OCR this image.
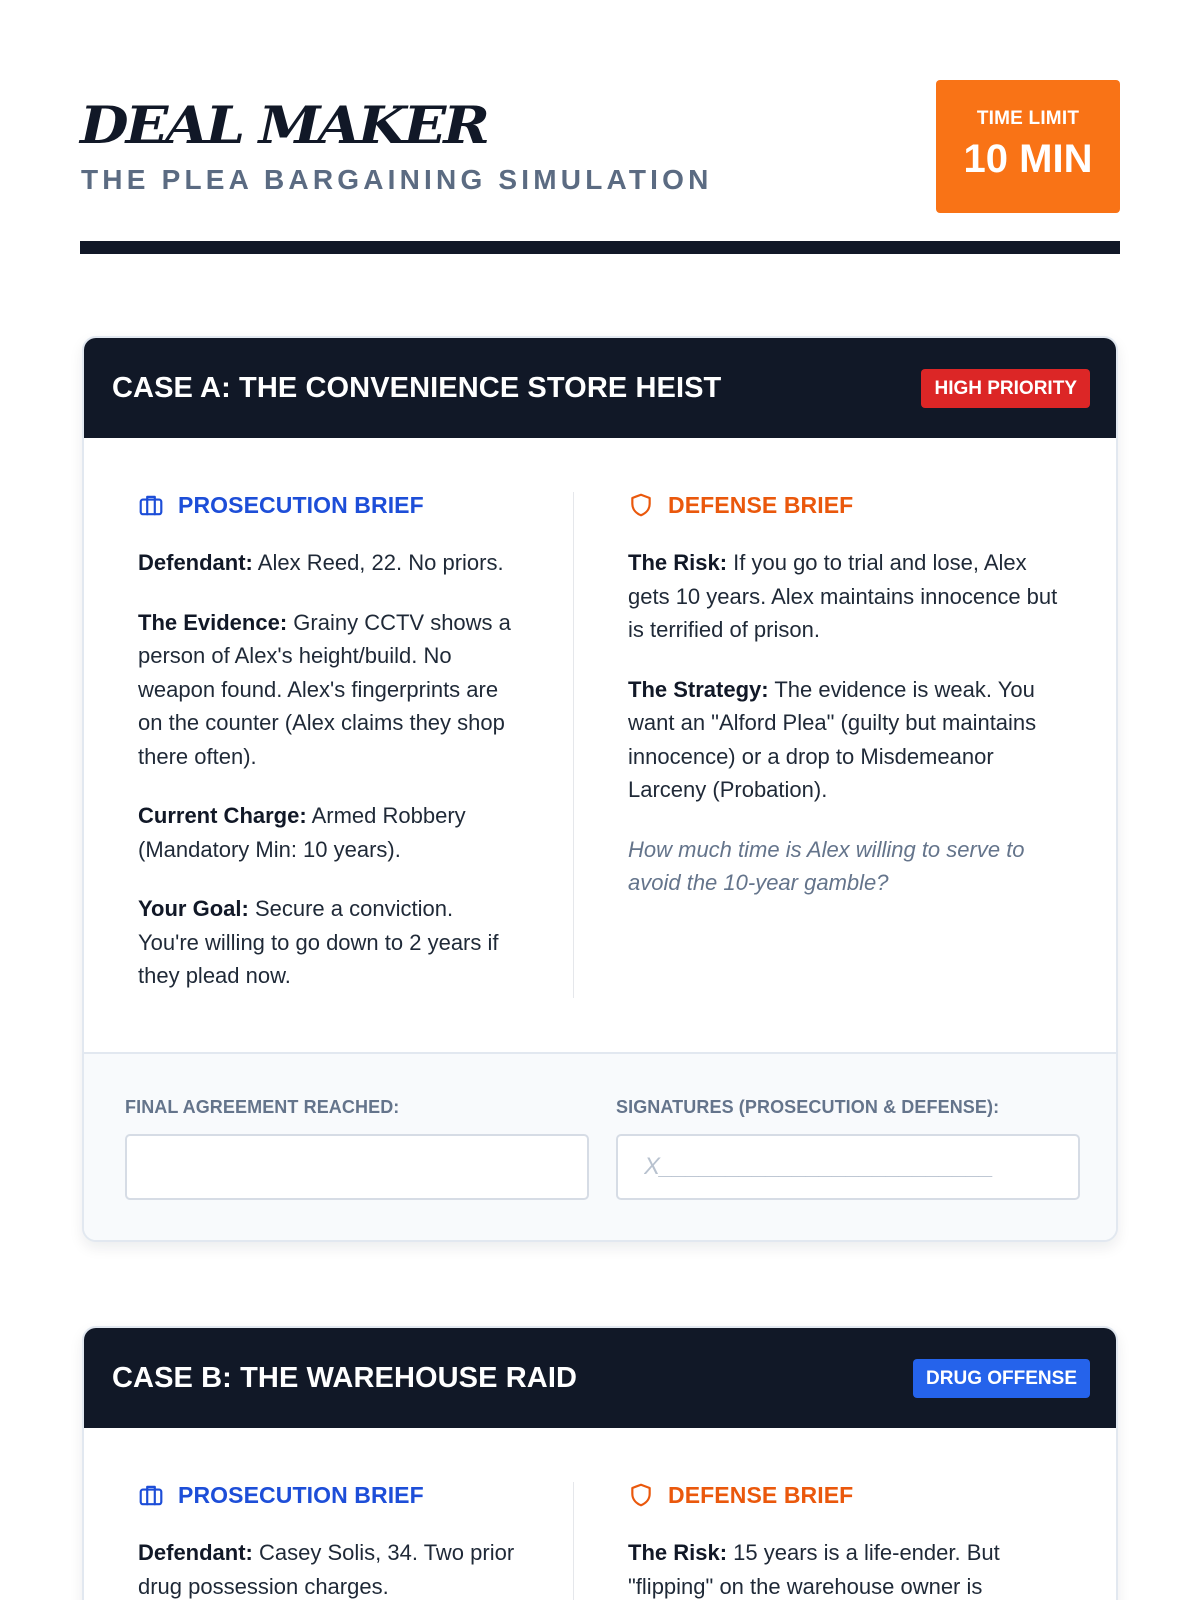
DEAL MAKER
THE PLEA BARGAINING SIMULATION
TIME LIMIT
10 MIN
CASE A: THE CONVENIENCE STORE HEIST	HIGH PRIORITY
PROSECUTION BRIEF

Defendant: Alex Reed, 22. No priors.

The Evidence: Grainy CCTV shows a person of Alex's height/build. No weapon found. Alex's fingerprints are on the counter (Alex claims they shop there often).

Current Charge: Armed Robbery (Mandatory Min: 10 years).

Your Goal: Secure a conviction. You're willing to go down to 2 years if they plead now.

DEFENSE BRIEF

The Risk: If you go to trial and lose, Alex gets 10 years. Alex maintains innocence but is terrified of prison.

The Strategy: The evidence is weak. You want an "Alford Plea" (guilty but maintains innocence) or a drop to Misdemeanor Larceny (Probation).

How much time is Alex willing to serve to avoid the 10-year gamble?

FINAL AGREEMENT REACHED:	SIGNATURES (PROSECUTION & DEFENSE):
X_________________________
CASE B: THE WAREHOUSE RAID	DRUG OFFENSE
PROSECUTION BRIEF

Defendant: Casey Solis, 34. Two prior drug possession charges.

DEFENSE BRIEF

The Risk: 15 years is a life-ender. But "flipping" on the warehouse owner is
